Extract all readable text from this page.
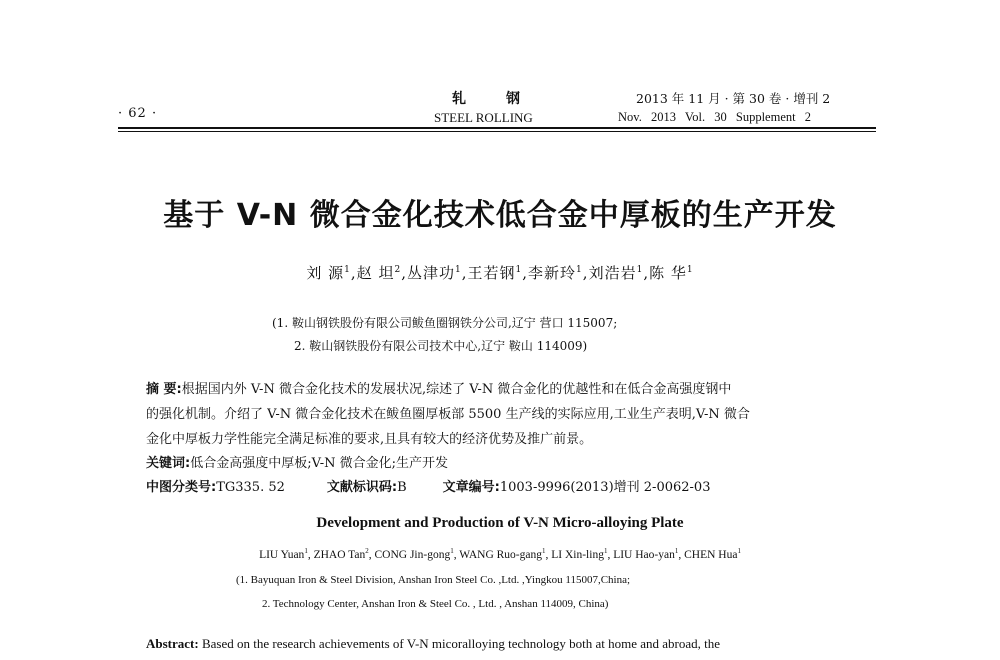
· 62 ·
轧钢
STEEL ROLLING
2013 年 11 月 · 第 30 卷 · 增刊 2
Nov. 2013 Vol. 30 Supplement 2
基于 V-N 微合金化技术低合金中厚板的生产开发
刘 源$^1$,赵 坦$^2$,丛津功$^1$,王若钢$^1$,李新玲$^1$,刘浩岩$^1$,陈 华$^1$
(1. 鞍山钢铁股份有限公司鲅鱼圈钢铁分公司,辽宁 营口 115007;
2. 鞍山钢铁股份有限公司技术中心,辽宁 鞍山 114009)
摘 要:根据国内外 V-N 微合金化技术的发展状况,综述了 V-N 微合金化的优越性和在低合金高强度钢中
的强化机制。介绍了 V-N 微合金化技术在鲅鱼圈厚板部 5500 生产线的实际应用,工业生产表明,V-N 微合
金化中厚板力学性能完全满足标准的要求,且具有较大的经济优势及推广前景。
关键词:低合金高强度中厚板;V-N 微合金化;生产开发
中图分类号:TG335. 52	文献标识码:B	文章编号:1003-9996(2013)增刊 2-0062-03
Development and Production of V-N Micro-alloying Plate
LIU Yuan$^1$, ZHAO Tan$^2$, CONG Jin-gong$^1$, WANG Ruo-gang$^1$, LI Xin-ling$^1$, LIU Hao-yan$^1$, CHEN Hua$^1$
(1. Bayuquan Iron & Steel Division, Anshan Iron Steel Co. ,Ltd. ,Yingkou 115007,China;
2. Technology Center, Anshan Iron & Steel Co. , Ltd. , Anshan 114009, China)
Abstract: Based on the research achievements of V-N micoralloying technology both at home and abroad, the
